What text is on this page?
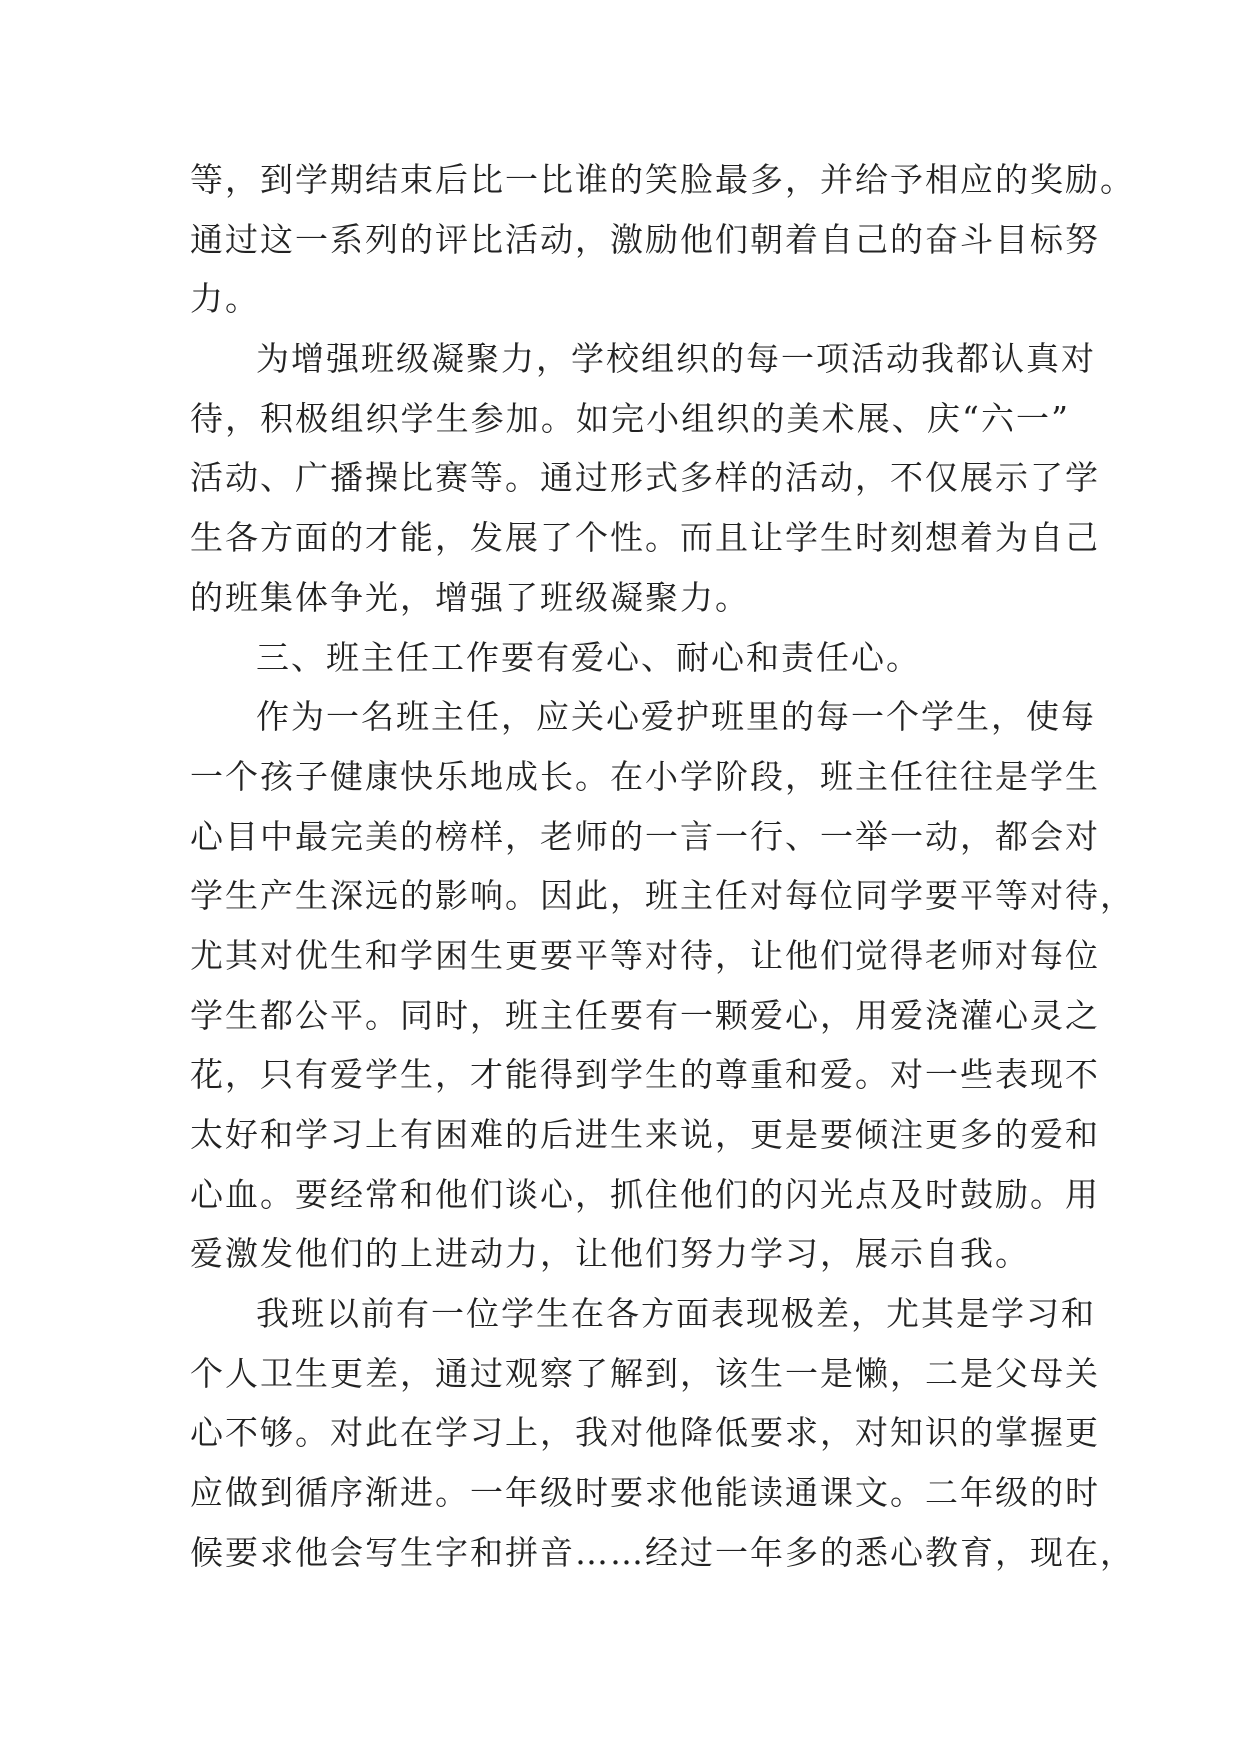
等，到学期结束后比一比谁的笑脸最多，并给予相应的奖励。
通过这一系列的评比活动，激励他们朝着自己的奋斗目标努
力。
为增强班级凝聚力，学校组织的每一项活动我都认真对
待，积极组织学生参加。如完小组织的美术展、庆“六一”
活动、广播操比赛等。通过形式多样的活动，不仅展示了学
生各方面的才能，发展了个性。而且让学生时刻想着为自己
的班集体争光，增强了班级凝聚力。
三、班主任工作要有爱心、耐心和责任心。
作为一名班主任，应关心爱护班里的每一个学生，使每
一个孩子健康快乐地成长。在小学阶段，班主任往往是学生
心目中最完美的榜样，老师的一言一行、一举一动，都会对
学生产生深远的影响。因此，班主任对每位同学要平等对待，
尤其对优生和学困生更要平等对待，让他们觉得老师对每位
学生都公平。同时，班主任要有一颗爱心，用爱浇灌心灵之
花，只有爱学生，才能得到学生的尊重和爱。对一些表现不
太好和学习上有困难的后进生来说，更是要倾注更多的爱和
心血。要经常和他们谈心，抓住他们的闪光点及时鼓励。用
爱激发他们的上进动力，让他们努力学习，展示自我。
我班以前有一位学生在各方面表现极差，尤其是学习和
个人卫生更差，通过观察了解到，该生一是懒，二是父母关
心不够。对此在学习上，我对他降低要求，对知识的掌握更
应做到循序渐进。一年级时要求他能读通课文。二年级的时
候要求他会写生字和拼音……经过一年多的悉心教育，现在，
